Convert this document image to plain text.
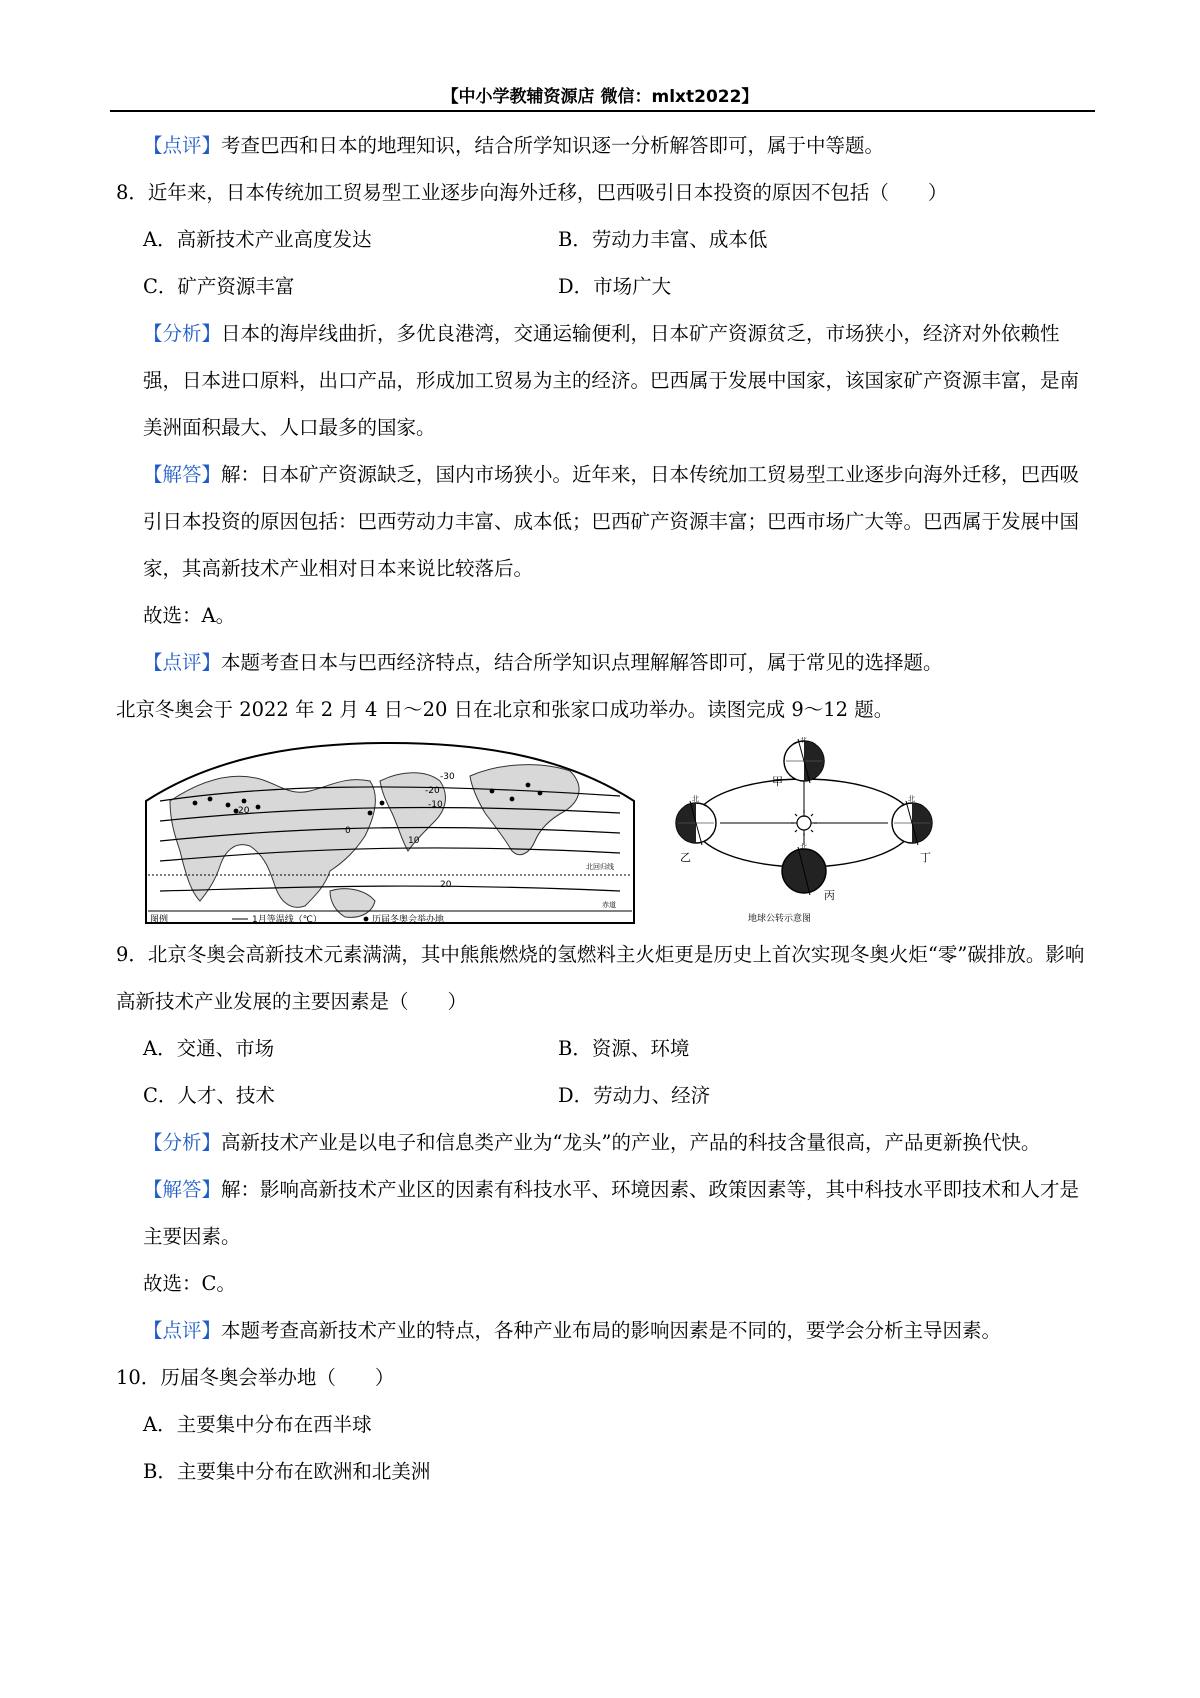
【中小学教辅资源店 微信：mlxt2022】

【点评】考查巴西和日本的地理知识，结合所学知识逐一分析解答即可，属于中等题。

8．近年来，日本传统加工贸易型工业逐步向海外迁移，巴西吸引日本投资的原因不包括（　　）

A．高新技术产业高度发达	B．劳动力丰富、成本低
C．矿产资源丰富	D．市场广大

【分析】日本的海岸线曲折，多优良港湾，交通运输便利，日本矿产资源贫乏，市场狭小，经济对外依赖性强，日本进口原料，出口产品，形成加工贸易为主的经济。巴西属于发展中国家，该国家矿产资源丰富，是南美洲面积最大、人口最多的国家。

【解答】解：日本矿产资源缺乏，国内市场狭小。近年来，日本传统加工贸易型工业逐步向海外迁移，巴西吸引日本投资的原因包括：巴西劳动力丰富、成本低；巴西矿产资源丰富；巴西市场广大等。巴西属于发展中国家，其高新技术产业相对日本来说比较落后。

故选：A。

【点评】本题考查日本与巴西经济特点，结合所学知识点理解解答即可，属于常见的选择题。

北京冬奥会于 2022 年 2 月 4 日～20 日在北京和张家口成功举办。读图完成 9～12 题。

-30
-20
-10
0
10
20
20
北回归线
赤道
图例	1月等温线（℃）	历届冬奥会举办地
甲
北
乙
北
丙
北
丁
北
地球公转示意图

9．北京冬奥会高新技术元素满满，其中熊熊燃烧的氢燃料主火炬更是历史上首次实现冬奥火炬“零”碳排放。影响高新技术产业发展的主要因素是（　　）

A．交通、市场	B．资源、环境
C．人才、技术	D．劳动力、经济

【分析】高新技术产业是以电子和信息类产业为“龙头”的产业，产品的科技含量很高，产品更新换代快。

【解答】解：影响高新技术产业区的因素有科技水平、环境因素、政策因素等，其中科技水平即技术和人才是主要因素。

故选：C。

【点评】本题考查高新技术产业的特点，各种产业布局的影响因素是不同的，要学会分析主导因素。

10．历届冬奥会举办地（　　）

A．主要集中分布在西半球

B．主要集中分布在欧洲和北美洲
